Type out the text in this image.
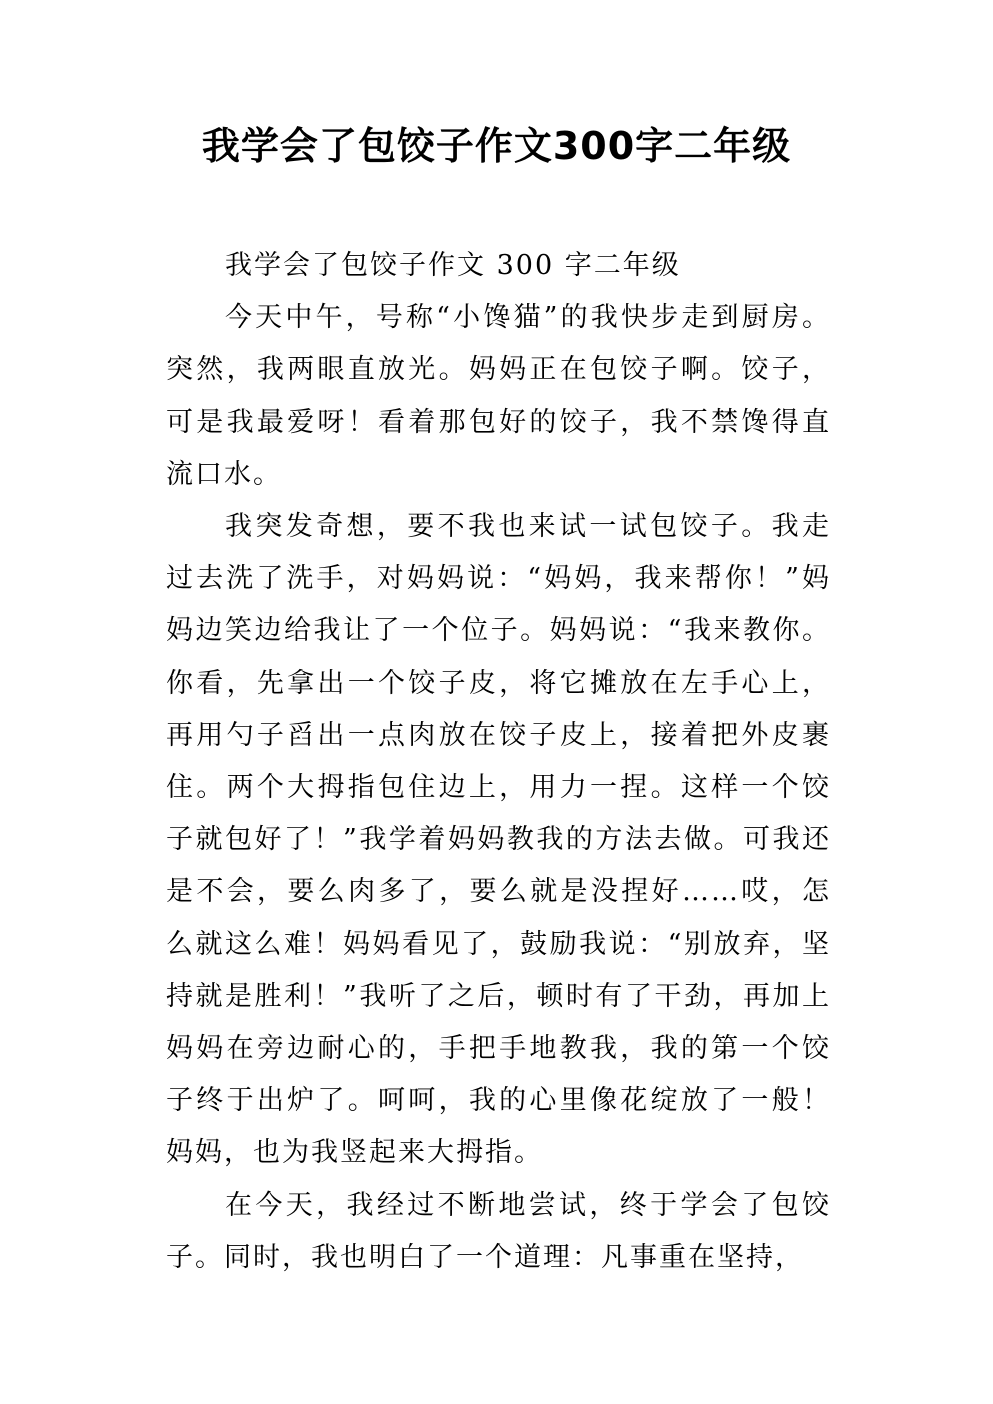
我学会了包饺子作文300字二年级

我学会了包饺子作文 300 字二年级

今天中午，号称“小馋猫”的我快步走到厨房。突然，我两眼直放光。妈妈正在包饺子啊。饺子，可是我最爱呀！看着那包好的饺子，我不禁馋得直流口水。

我突发奇想，要不我也来试一试包饺子。我走过去洗了洗手，对妈妈说：“妈妈，我来帮你！”妈妈边笑边给我让了一个位子。妈妈说：“我来教你。你看，先拿出一个饺子皮，将它摊放在左手心上，再用勺子舀出一点肉放在饺子皮上，接着把外皮裹住。两个大拇指包住边上，用力一捏。这样一个饺子就包好了！”我学着妈妈教我的方法去做。可我还是不会，要么肉多了，要么就是没捏好……哎，怎么就这么难！妈妈看见了，鼓励我说：“别放弃，坚持就是胜利！”我听了之后，顿时有了干劲，再加上妈妈在旁边耐心的，手把手地教我，我的第一个饺子终于出炉了。呵呵，我的心里像花绽放了一般！妈妈，也为我竖起来大拇指。

在今天，我经过不断地尝试，终于学会了包饺子。同时，我也明白了一个道理：凡事重在坚持，
